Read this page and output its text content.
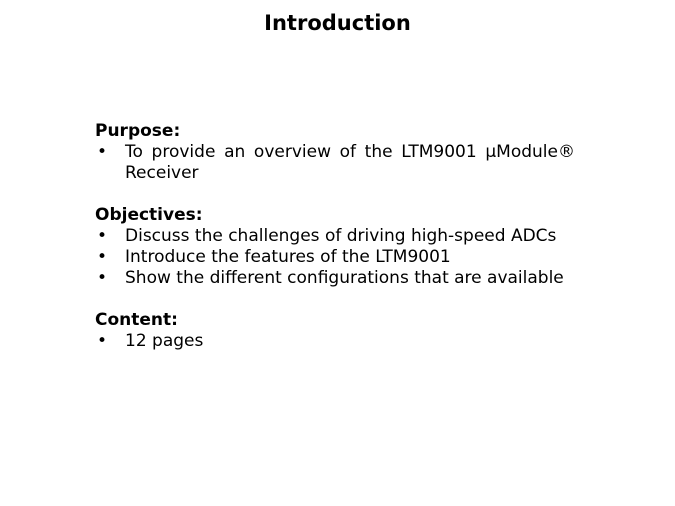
Introduction
Purpose:
• To provide an overview of the LTM9001 µModule® Receiver
Objectives:
• Discuss the challenges of driving high-speed ADCs
• Introduce the features of the LTM9001
• Show the different configurations that are available
Content:
• 12 pages
